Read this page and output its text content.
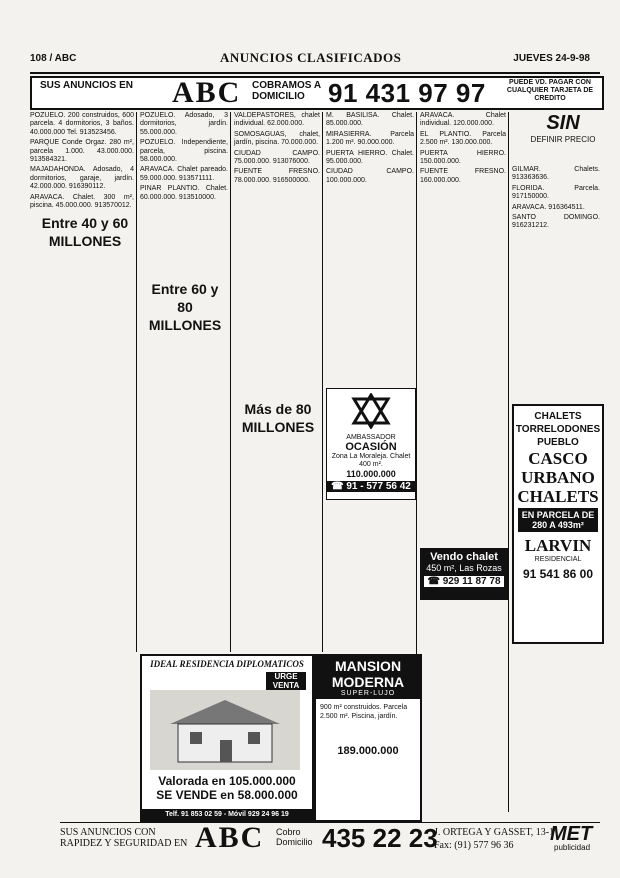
108 / ABC	ANUNCIOS CLASIFICADOS	JUEVES 24-9-98
SUS ANUNCIOS EN	ABC COBRAMOS A DOMICILIO 91 431 97 97	PUEDE VD. PAGAR CON CUALQUIER TARJETA DE CREDITO

POZUELO. 200 construidos, 600 parcela. 4 dormitorios, 3 baños. 40.000.000 Tel. 913523456.

PARQUE Conde Orgaz. 280 m², parcela 1.000. 43.000.000. 913584321.

MAJADAHONDA. Adosado, 4 dormitorios, garaje, jardín. 42.000.000. 916390112.

ARAVACA. Chalet. 300 m², piscina. 45.000.000. 913570012.

Entre 40 y 60 MILLONES

POZUELO. Adosado, 3 dormitorios, jardín. 55.000.000.

POZUELO. Independiente, parcela, piscina. 58.000.000.

ARAVACA. Chalet pareado. 59.000.000. 913571111.

PINAR PLANTIO. Chalet. 60.000.000. 913510000.

Entre 60 y 80 MILLONES

VALDEPASTORES, chalet individual. 62.000.000.

SOMOSAGUAS, chalet, jardín, piscina. 70.000.000.

CIUDAD CAMPO. 75.000.000. 913076000.

FUENTE FRESNO. 78.000.000. 916500000.

Más de 80 MILLONES

M. BASILISA. Chalet. 85.000.000.

MIRASIERRA. Parcela 1.200 m². 90.000.000.

PUERTA HIERRO. Chalet. 95.000.000.

CIUDAD CAMPO. 100.000.000.

AMBASSADOR
OCASIÓN
Zona La Moraleja. Chalet 400 m².
110.000.000
☎ 91 - 577 56 42

ARAVACA. Chalet individual. 120.000.000.

EL PLANTIO. Parcela 2.500 m². 130.000.000.

PUERTA HIERRO. 150.000.000.

FUENTE FRESNO. 160.000.000.

Vendo chalet
450 m², Las Rozas
☎ 929 11 87 78
SIN
DEFINIR PRECIO

GILMAR. Chalets. 913363636.

FLORIDA. Parcela. 917150000.

ARAVACA. 916364511.

SANTO DOMINGO. 916231212.

CHALETS
TORRELODONES
PUEBLO
CASCO
URBANO
CHALETS
EN PARCELA DE
280 A 493m²
LARVIN
RESIDENCIAL
91 541 86 00
IDEAL RESIDENCIA DIPLOMATICOS
URGE VENTA
Valorada en 105.000.000
SE VENDE en 58.000.000
Telf. 91 853 02 59 - Móvil 929 24 96 19
MANSION
MODERNA
SUPER-LUJO
900 m² construidos. Parcela 2.500 m². Piscina, jardín.
189.000.000
SUS ANUNCIOS CON RAPIDEZ Y SEGURIDAD EN ABC Cobro Domicilio 435 22 23
J. ORTEGA Y GASSET, 13-1º
Fax: (91) 577 96 36
MET
publicidad
